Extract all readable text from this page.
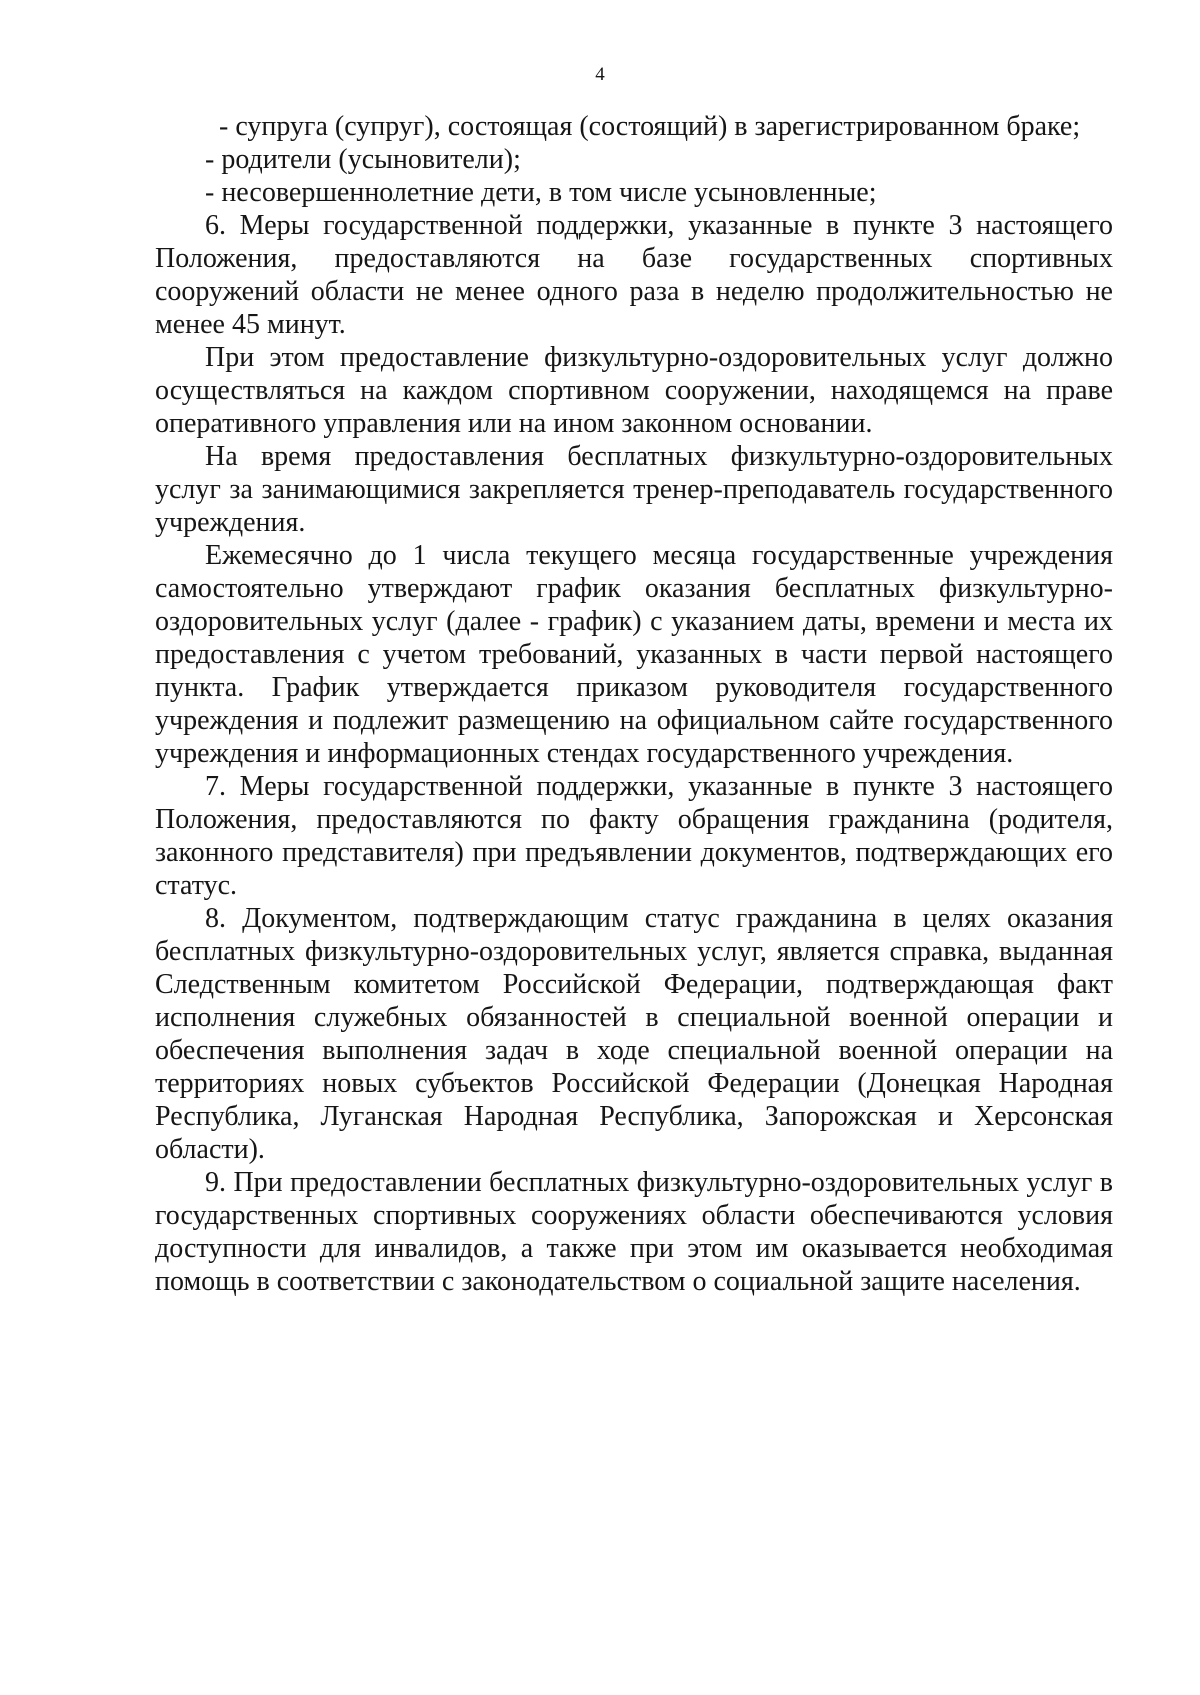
4

- супруга (супруг), состоящая (состоящий) в зарегистрированном браке;

- родители (усыновители);

- несовершеннолетние дети, в том числе усыновленные;

6. Меры государственной поддержки, указанные в пункте 3 настоящего Положения, предоставляются на базе государственных спортивных сооружений области не менее одного раза в неделю продолжительностью не менее 45 минут.

При этом предоставление физкультурно-оздоровительных услуг должно осуществляться на каждом спортивном сооружении, находящемся на праве оперативного управления или на ином законном основании.

На время предоставления бесплатных физкультурно-оздоровительных услуг за занимающимися закрепляется тренер-преподаватель государственного учреждения.

Ежемесячно до 1 числа текущего месяца государственные учреждения самостоятельно утверждают график оказания бесплатных физкультурно-оздоровительных услуг (далее - график) с указанием даты, времени и места их предоставления с учетом требований, указанных в части первой настоящего пункта. График утверждается приказом руководителя государственного учреждения и подлежит размещению на официальном сайте государственного учреждения и информационных стендах государственного учреждения.

7. Меры государственной поддержки, указанные в пункте 3 настоящего Положения, предоставляются по факту обращения гражданина (родителя, законного представителя) при предъявлении документов, подтверждающих его статус.

8. Документом, подтверждающим статус гражданина в целях оказания бесплатных физкультурно-оздоровительных услуг, является справка, выданная Следственным комитетом Российской Федерации, подтверждающая факт исполнения служебных обязанностей в специальной военной операции и обеспечения выполнения задач в ходе специальной военной операции на территориях новых субъектов Российской Федерации (Донецкая Народная Республика, Луганская Народная Республика, Запорожская и Херсонская области).

9. При предоставлении бесплатных физкультурно-оздоровительных услуг в государственных спортивных сооружениях области обеспечиваются условия доступности для инвалидов, а также при этом им оказывается необходимая помощь в соответствии с законодательством о социальной защите населения.
